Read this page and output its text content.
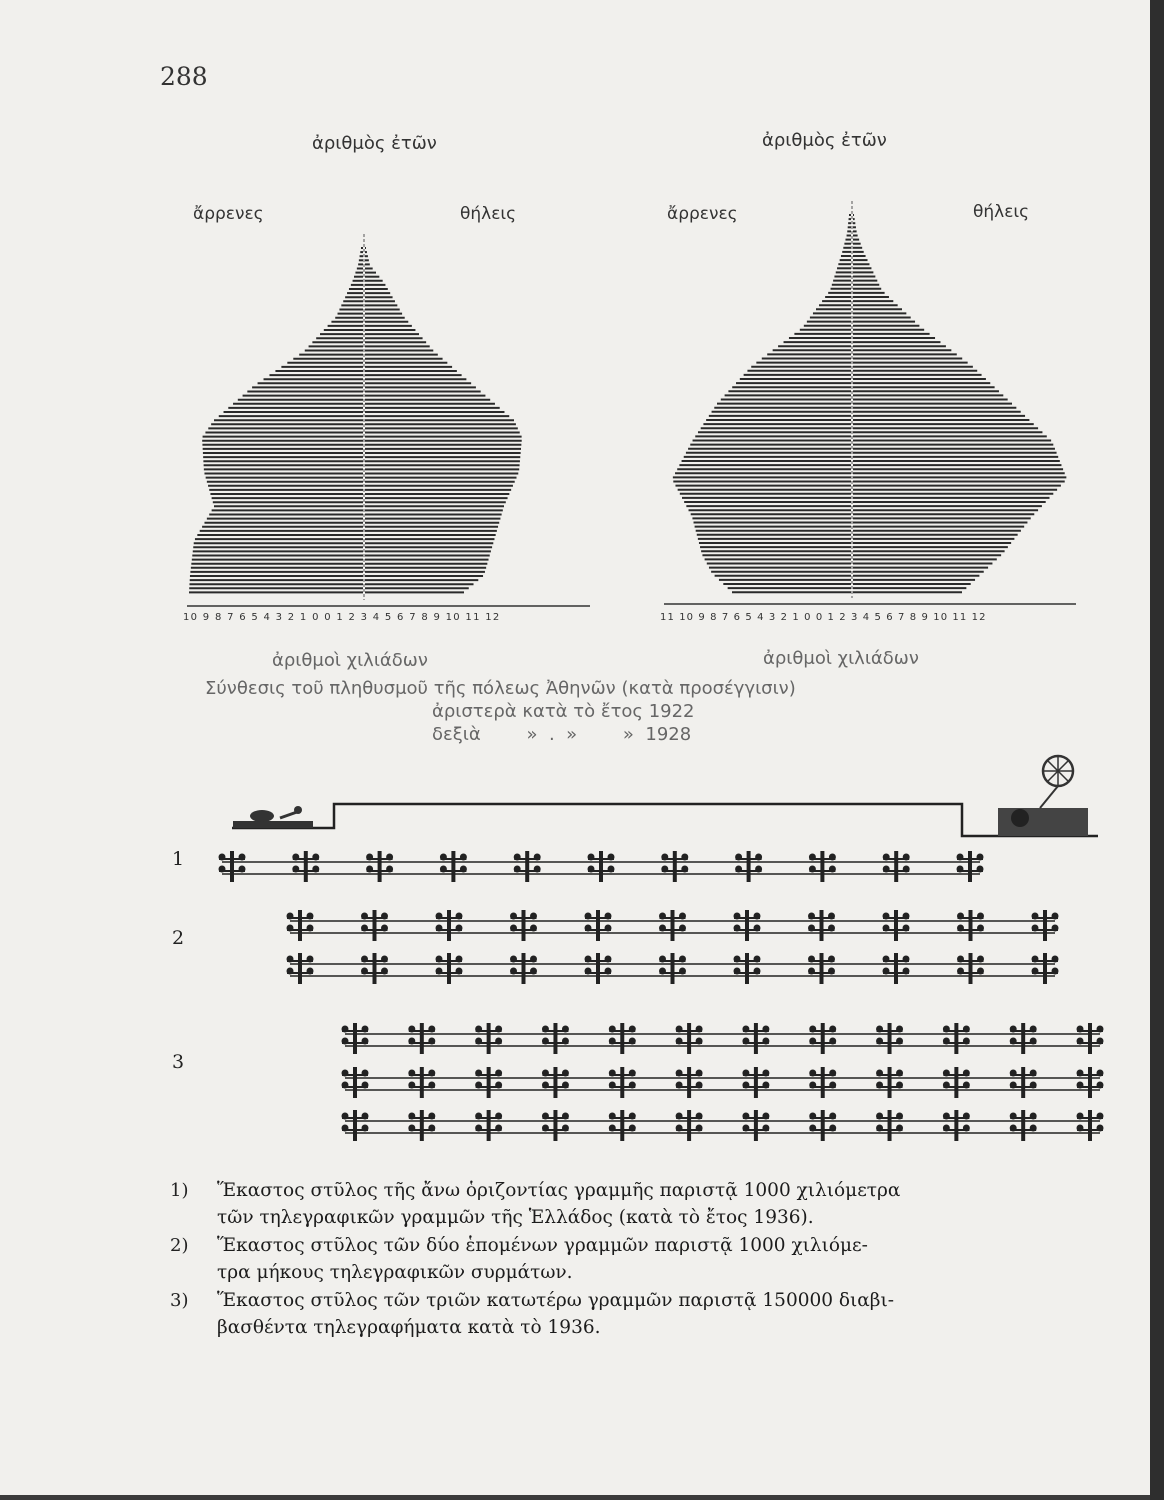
288
ἀριθμὸς ἐτῶν
ἄρρενες	θήλεις
10 9 8 7 6 5 4 3 2 1 0 0 1 2 3 4 5 6 7 8 9 10 11 12
ἀριθμοὶ χιλιάδων
ἀριθμὸς ἐτῶν
ἄρρενες	θήλεις
11 10 9 8 7 6 5 4 3 2 1 0 0 1 2 3 4 5 6 7 8 9 10 11 12
ἀριθμοὶ χιλιάδων
Σύνθεσις τοῦ πληθυσμοῦ τῆς πόλεως Ἀθηνῶν (κατὰ προσέγγισιν)
ἀριστερὰ κατὰ τὸ ἔτος 1922
δεξιὰ        »  .  »        »  1928
1
2
3
1) Ἕκαστος στῦλος τῆς ἄνω ὁριζοντίας γραμμῆς παριστᾷ 1000 χιλιόμετρα
τῶν τηλεγραφικῶν γραμμῶν τῆς Ἑλλάδος (κατὰ τὸ ἔτος 1936).
2) Ἕκαστος στῦλος τῶν δύο ἑπομένων γραμμῶν παριστᾷ 1000 χιλιόμε-
τρα μήκους τηλεγραφικῶν συρμάτων.
3) Ἕκαστος στῦλος τῶν τριῶν κατωτέρω γραμμῶν παριστᾷ 150000 διαβι-
βασθέντα τηλεγραφήματα κατὰ τὸ 1936.
